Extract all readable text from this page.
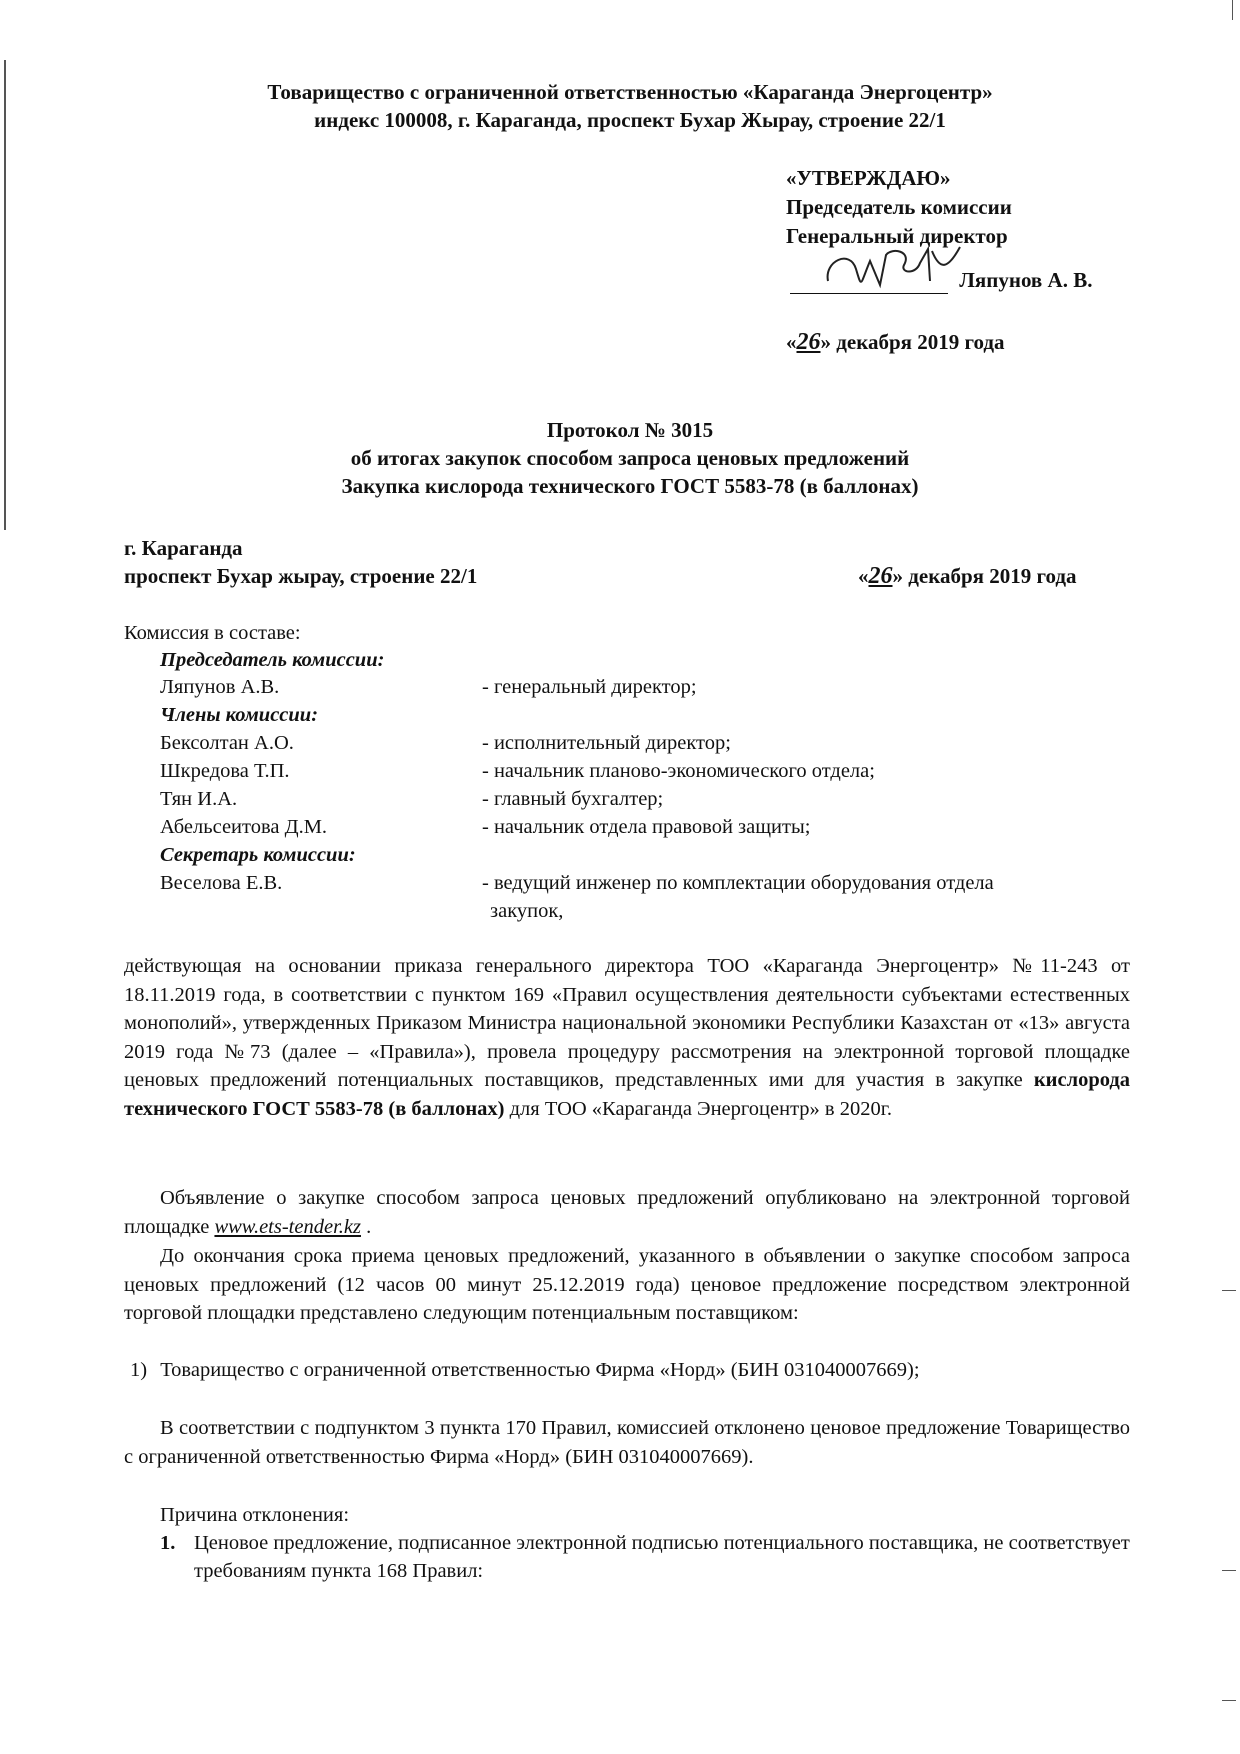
Товарищество с ограниченной ответственностью «Караганда Энергоцентр»
индекс 100008, г. Караганда, проспект Бухар Жырау, строение 22/1
«УТВЕРЖДАЮ»
Председатель комиссии
Генеральный директор
Ляпунов А. В.
«26» декабря 2019 года
Протокол № 3015
об итогах закупок способом запроса ценовых предложений
Закупка кислорода технического ГОСТ 5583-78 (в баллонах)
г. Караганда
проспект Бухар жырау, строение 22/1	«26» декабря 2019 года
Комиссия в составе:
Председатель комиссии:
Ляпунов А.В.	- генеральный директор;
Члены комиссии:
Бексолтан А.О.	- исполнительный директор;
Шкредова Т.П.	- начальник планово-экономического отдела;
Тян И.А.	- главный бухгалтер;
Абельсеитова Д.М.	- начальник отдела правовой защиты;
Секретарь комиссии:
Веселова Е.В.	- ведущий инженер по комплектации оборудования отдела
закупок,
действующая на основании приказа генерального директора ТОО «Караганда Энергоцентр» №11-243 от 18.11.2019 года, в соответствии с пунктом 169 «Правил осуществления деятельности субъектами естественных монополий», утвержденных Приказом Министра национальной экономики Республики Казахстан от «13» августа 2019 года №73 (далее – «Правила»), провела процедуру рассмотрения на электронной торговой площадке ценовых предложений потенциальных поставщиков, представленных ими для участия в закупке кислорода технического ГОСТ 5583-78 (в баллонах) для ТОО «Караганда Энергоцентр» в 2020г.
Объявление о закупке способом запроса ценовых предложений опубликовано на электронной торговой площадке www.ets-tender.kz .
До окончания срока приема ценовых предложений, указанного в объявлении о закупке способом запроса ценовых предложений (12 часов 00 минут 25.12.2019 года) ценовое предложение посредством электронной торговой площадки представлено следующим потенциальным поставщиком:
1) Товарищество с ограниченной ответственностью Фирма «Норд» (БИН 031040007669);
В соответствии с подпунктом 3 пункта 170 Правил, комиссией отклонено ценовое предложение Товарищество с ограниченной ответственностью Фирма «Норд» (БИН 031040007669).
Причина отклонения:
1. Ценовое предложение, подписанное электронной подписью потенциального поставщика, не соответствует требованиям пункта 168 Правил:
